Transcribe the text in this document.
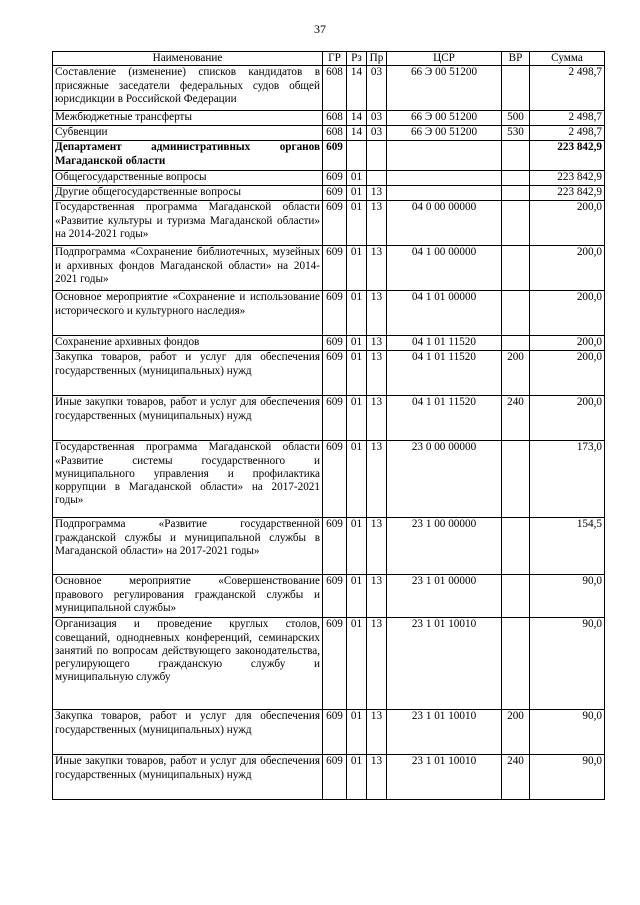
37
Наименование	ГР	Рз	Пр	ЦСР	ВР	Сумма
Составление (изменение) списков кандидатов в присяжные заседатели федеральных судов общей юрисдикции в Российской Федерации	608	14	03	66 Э 00 51200		2 498,7
Межбюджетные трансферты	608	14	03	66 Э 00 51200	500	2 498,7
Субвенции	608	14	03	66 Э 00 51200	530	2 498,7
Департамент административных органов Магаданской области	609					223 842,9
Общегосударственные вопросы	609	01				223 842,9
Другие общегосударственные вопросы	609	01	13			223 842,9
Государственная программа Магаданской области «Развитие культуры и туризма Магаданской области» на 2014-2021 годы»	609	01	13	04 0 00 00000		200,0
Подпрограмма «Сохранение библиотечных, музейных и архивных фондов Магаданской области» на 2014-2021 годы»	609	01	13	04 1 00 00000		200,0
Основное мероприятие «Сохранение и использование исторического и культурного наследия»	609	01	13	04 1 01 00000		200,0
Сохранение архивных фондов	609	01	13	04 1 01 11520		200,0
Закупка товаров, работ и услуг для обеспечения государственных (муниципальных) нужд	609	01	13	04 1 01 11520	200	200,0
Иные закупки товаров, работ и услуг для обеспечения государственных (муниципальных) нужд	609	01	13	04 1 01 11520	240	200,0
Государственная программа Магаданской области «Развитие системы государственного и муниципального управления и профилактика коррупции в Магаданской области» на 2017-2021 годы»	609	01	13	23 0 00 00000		173,0
Подпрограмма «Развитие государственной гражданской службы и муниципальной службы в Магаданской области» на 2017-2021 годы»	609	01	13	23 1 00 00000		154,5
Основное мероприятие «Совершенствование правового регулирования гражданской службы и муниципальной службы»	609	01	13	23 1 01 00000		90,0
Организация и проведение круглых столов, совещаний, однодневных конференций, семинарских занятий по вопросам действующего законодательства, регулирующего гражданскую службу и муниципальную службу	609	01	13	23 1 01 10010		90,0
Закупка товаров, работ и услуг для обеспечения государственных (муниципальных) нужд	609	01	13	23 1 01 10010	200	90,0
Иные закупки товаров, работ и услуг для обеспечения государственных (муниципальных) нужд	609	01	13	23 1 01 10010	240	90,0
